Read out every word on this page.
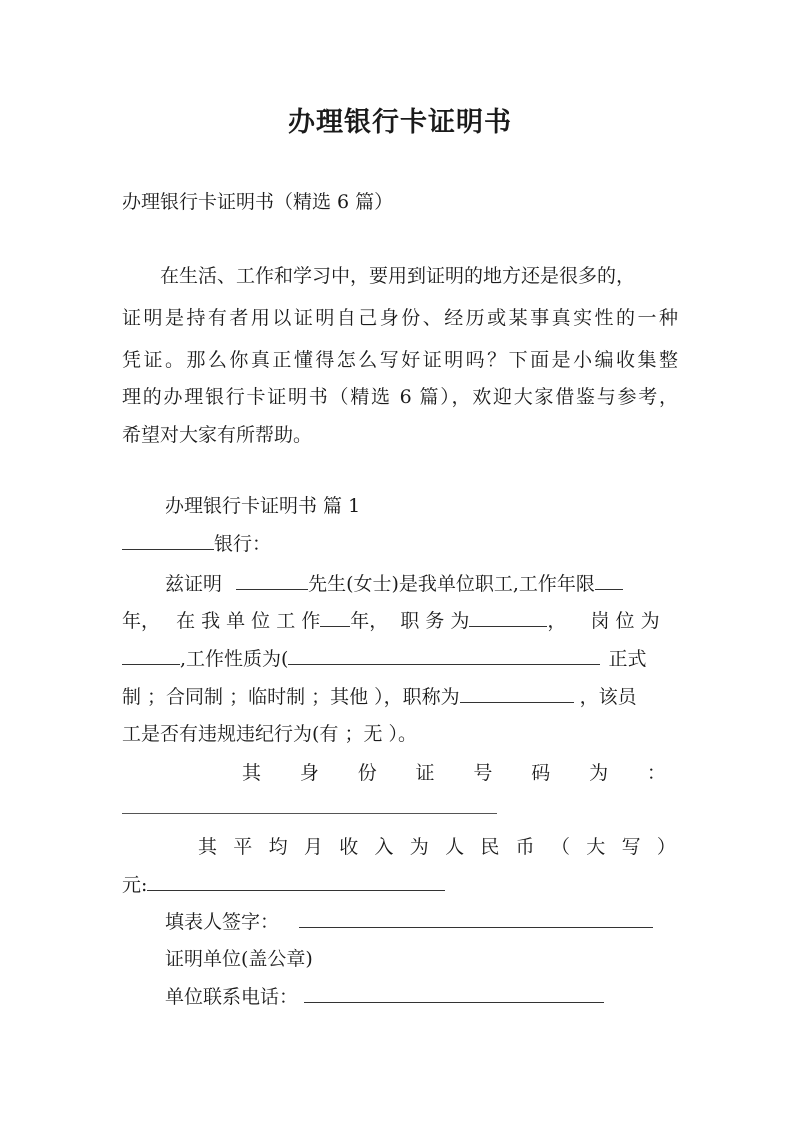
办理银行卡证明书
办理银行卡证明书（精选 6 篇）
在生活、工作和学习中，要用到证明的地方还是很多的，
证明是持有者用以证明自己身份、经历或某事真实性的一种
凭证。那么你真正懂得怎么写好证明吗？下面是小编收集整
理的办理银行卡证明书（精选 6 篇），欢迎大家借鉴与参考，
希望对大家有所帮助。
办理银行卡证明书 篇 1
银行：
兹证明	先生(女士)是我单位职工,工作年限
年， 在 我 单 位 工 作 年， 职 务 为	， 岗 位 为
,工作性质为(	正式
制 ；合同制 ；临时制 ；其他 ），职称为	，该员
工是否有违规违纪行为(有 ；无 ）。
其 身 份 证 号 码 为 ：
其 平 均 月 收 入 为 人 民 币 （ 大 写 ）
元:
填表人签字：
证明单位(盖公章)
单位联系电话：
